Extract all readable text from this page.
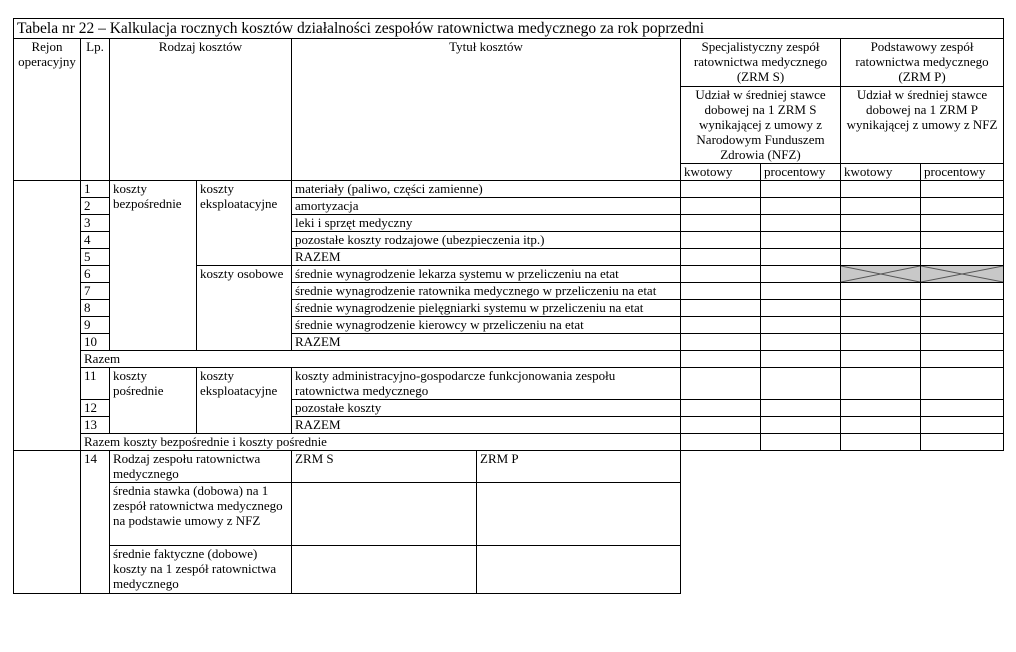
Tabela nr 22 – Kalkulacja rocznych kosztów działalności zespołów ratownictwa medycznego za rok poprzedni									
Rejon operacyjny	Lp.	Rodzaj kosztów		Tytuł kosztów		Specjalistyczny zespół ratownictwa medycznego (ZRM S)		Podstawowy zespół ratownictwa medycznego (ZRM P)	
						Udział w średniej stawce dobowej na 1 ZRM S wynikającej z umowy z Narodowym Funduszem Zdrowia (NFZ)		Udział w średniej stawce dobowej na 1 ZRM P wynikającej z umowy z NFZ	
						kwotowy	procentowy	kwotowy	procentowy
	1	koszty bezpośrednie	koszty eksploatacyjne	materiały (paliwo, części zamienne)					
	2			amortyzacja					
	3			leki i sprzęt medyczny					
	4			pozostałe koszty rodzajowe (ubezpieczenia itp.)					
	5			RAZEM					
	6		koszty osobowe	średnie wynagrodzenie lekarza systemu w przeliczeniu na etat			

	7			średnie wynagrodzenie ratownika medycznego w przeliczeniu na etat					
	8			średnie wynagrodzenie pielęgniarki systemu w przeliczeniu na etat					
	9			średnie wynagrodzenie kierowcy w przeliczeniu na etat					
	10			RAZEM					
	Razem								
	11	koszty pośrednie	koszty eksploatacyjne	koszty administracyjno-gospodarcze funkcjonowania zespołu ratownictwa medycznego					
	12			pozostałe koszty					
	13			RAZEM					
	Razem koszty bezpośrednie i koszty pośrednie								
	14	Rodzaj zespołu ratownictwa medycznego		ZRM S	ZRM P				
		średnia stawka (dobowa) na 1 zespół ratownictwa medycznego na podstawie umowy z NFZ							
		średnie faktyczne (dobowe) koszty na 1 zespół ratownictwa medycznego							
